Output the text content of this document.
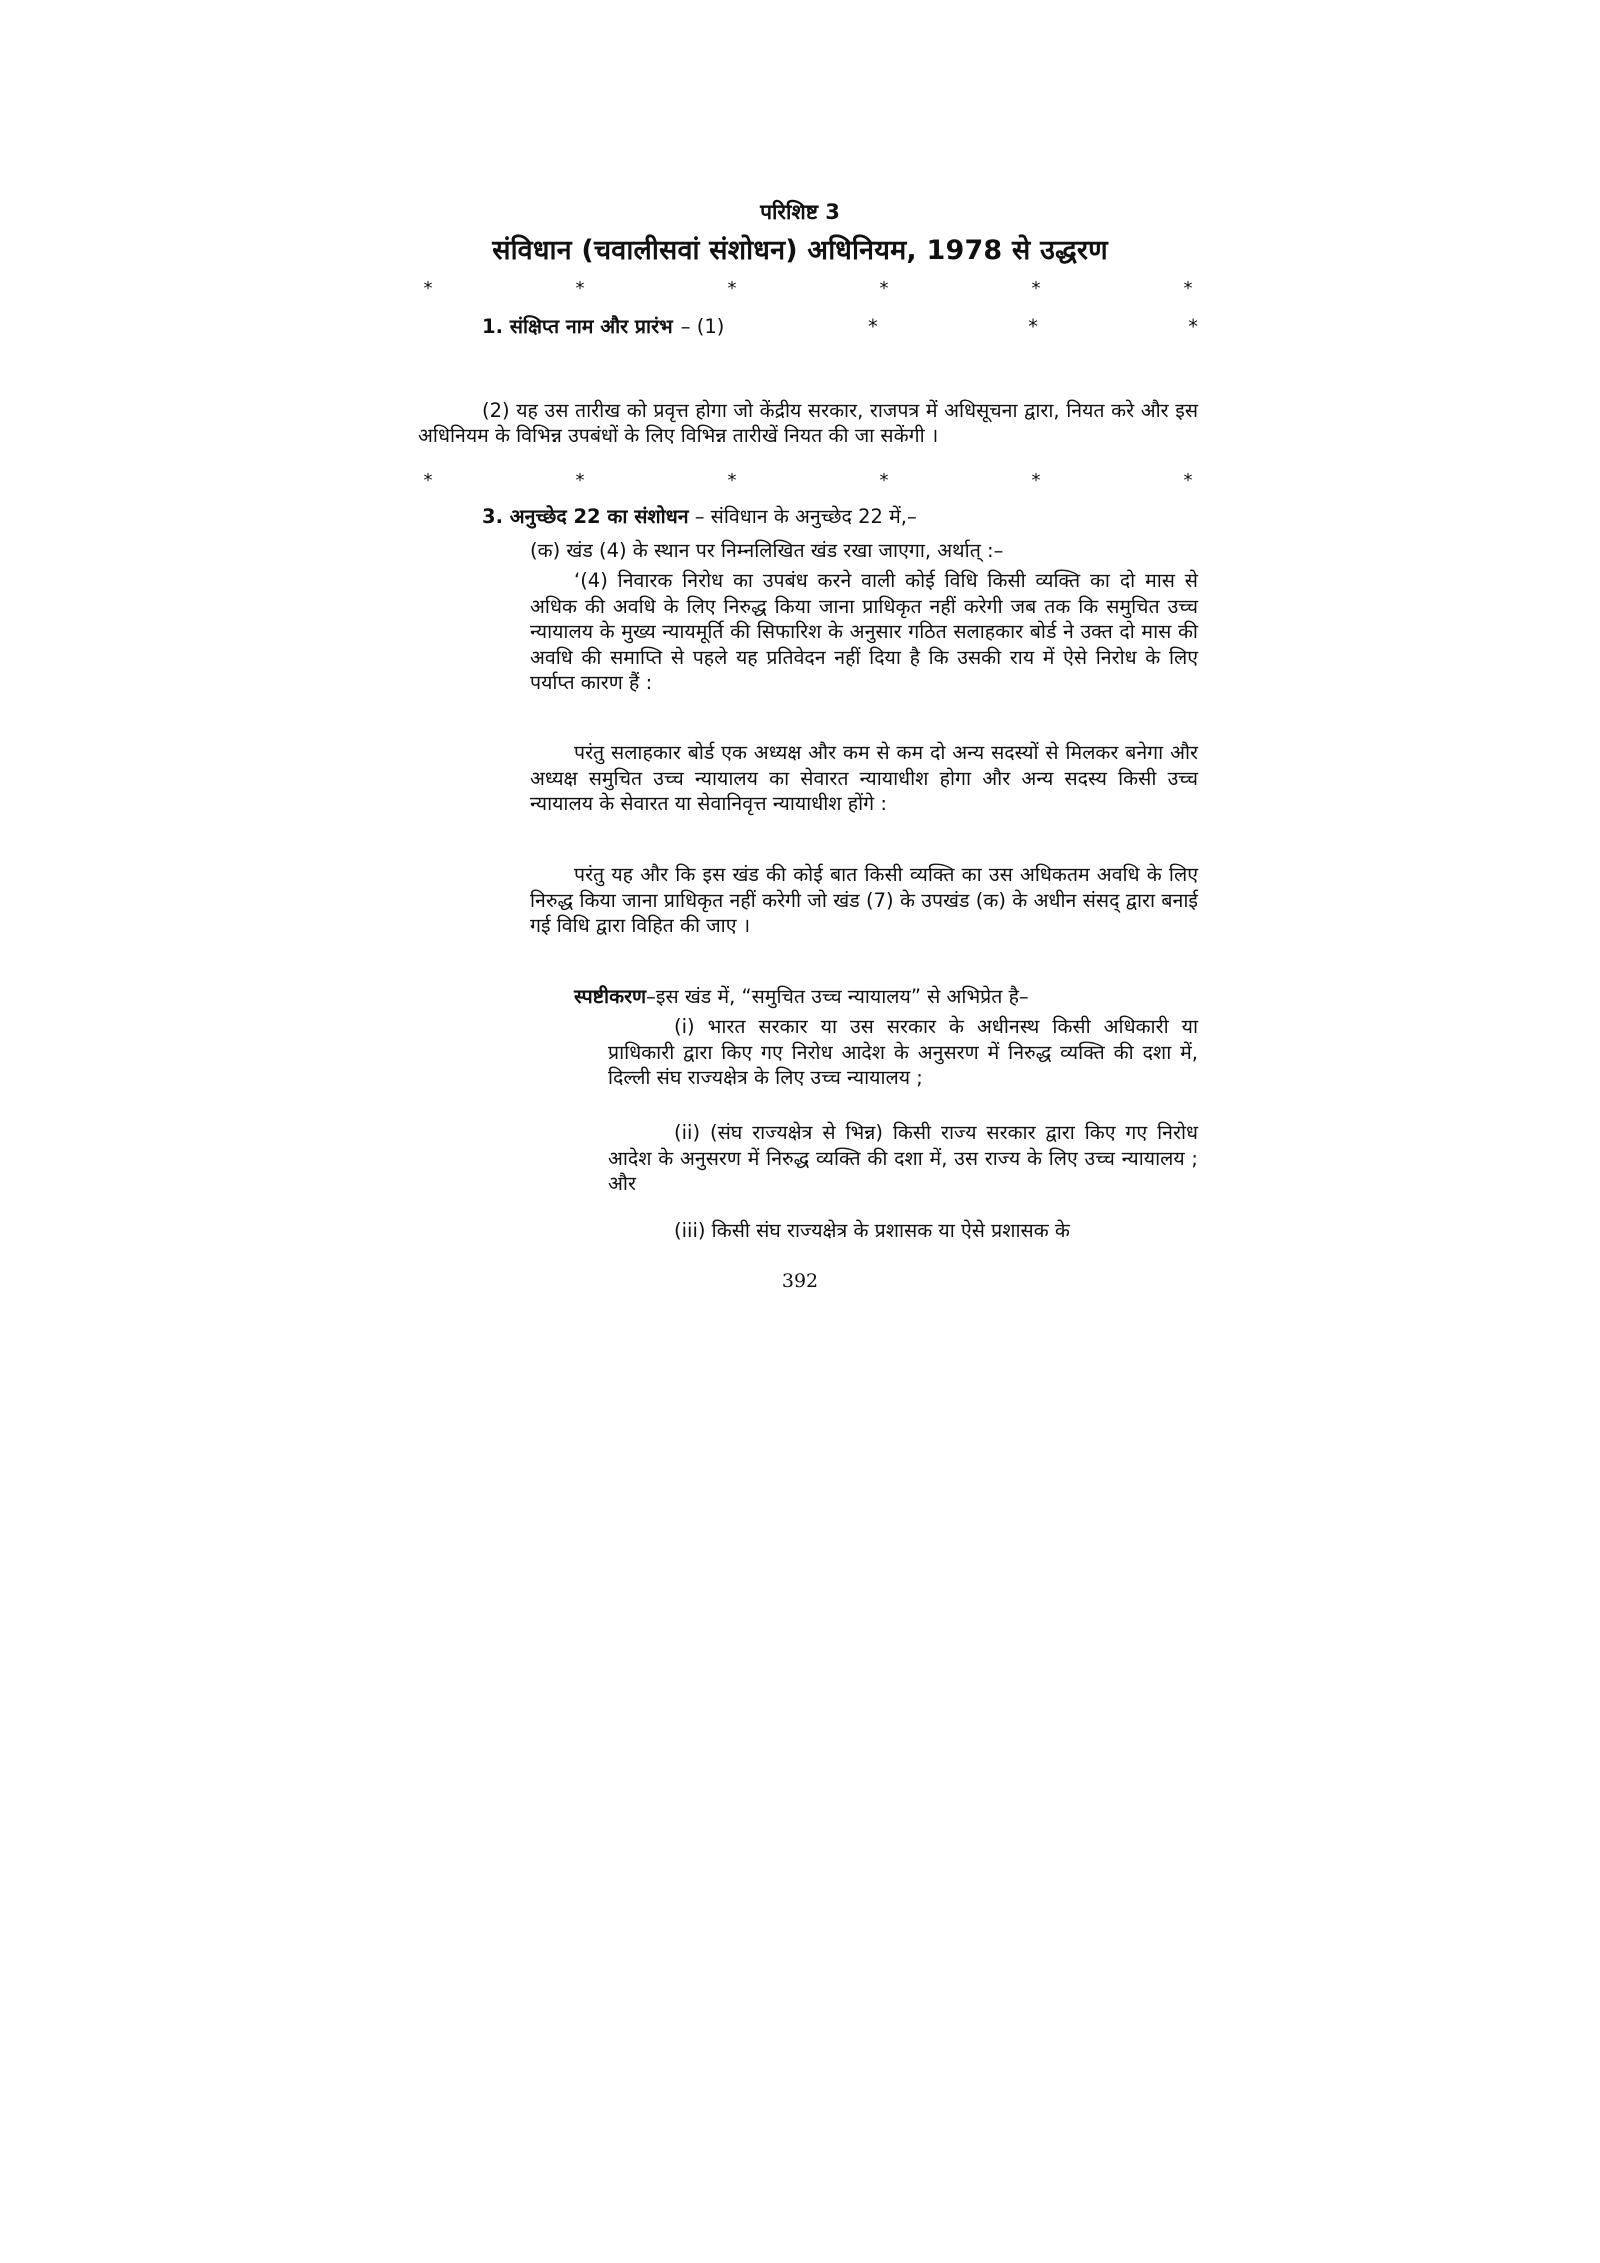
परिशिष्ट 3
संविधान (चवालीसवां संशोधन) अधिनियम, 1978 से उद्धरण
*	*	*	*	*	*
1. संक्षिप्त नाम और प्रारंभ – (1)	*	*	*

(2) यह उस तारीख को प्रवृत्त होगा जो केंद्रीय सरकार, राजपत्र में अधिसूचना द्वारा, नियत करे और इस अधिनियम के विभिन्न उपबंधों के लिए विभिन्न तारीखें नियत की जा सकेंगी ।

*	*	*	*	*	*
3. अनुच्छेद 22 का संशोधन – संविधान के अनुच्छेद 22 में,–
(क) खंड (4) के स्थान पर निम्नलिखित खंड रखा जाएगा, अर्थात् :–

‘(4) निवारक निरोध का उपबंध करने वाली कोई विधि किसी व्यक्ति का दो मास से अधिक की अवधि के लिए निरुद्ध किया जाना प्राधिकृत नहीं करेगी जब तक कि समुचित उच्च न्यायालय के मुख्य न्यायमूर्ति की सिफारिश के अनुसार गठित सलाहकार बोर्ड ने उक्त दो मास की अवधि की समाप्ति से पहले यह प्रतिवेदन नहीं दिया है कि उसकी राय में ऐसे निरोध के लिए पर्याप्त कारण हैं :

परंतु सलाहकार बोर्ड एक अध्यक्ष और कम से कम दो अन्य सदस्यों से मिलकर बनेगा और अध्यक्ष समुचित उच्च न्यायालय का सेवारत न्यायाधीश होगा और अन्य सदस्य किसी उच्च न्यायालय के सेवारत या सेवानिवृत्त न्यायाधीश होंगे :

परंतु यह और कि इस खंड की कोई बात किसी व्यक्ति का उस अधिकतम अवधि के लिए निरुद्ध किया जाना प्राधिकृत नहीं करेगी जो खंड (7) के उपखंड (क) के अधीन संसद् द्वारा बनाई गई विधि द्वारा विहित की जाए ।

स्पष्टीकरण–इस खंड में, “समुचित उच्च न्यायालय” से अभिप्रेत है–

(i) भारत सरकार या उस सरकार के अधीनस्थ किसी अधिकारी या प्राधिकारी द्वारा किए गए निरोध आदेश के अनुसरण में निरुद्ध व्यक्ति की दशा में, दिल्ली संघ राज्यक्षेत्र के लिए उच्च न्यायालय ;

(ii) (संघ राज्यक्षेत्र से भिन्न) किसी राज्य सरकार द्वारा किए गए निरोध आदेश के अनुसरण में निरुद्ध व्यक्ति की दशा में, उस राज्य के लिए उच्च न्यायालय ; और

(iii) किसी संघ राज्यक्षेत्र के प्रशासक या ऐसे प्रशासक के

392
